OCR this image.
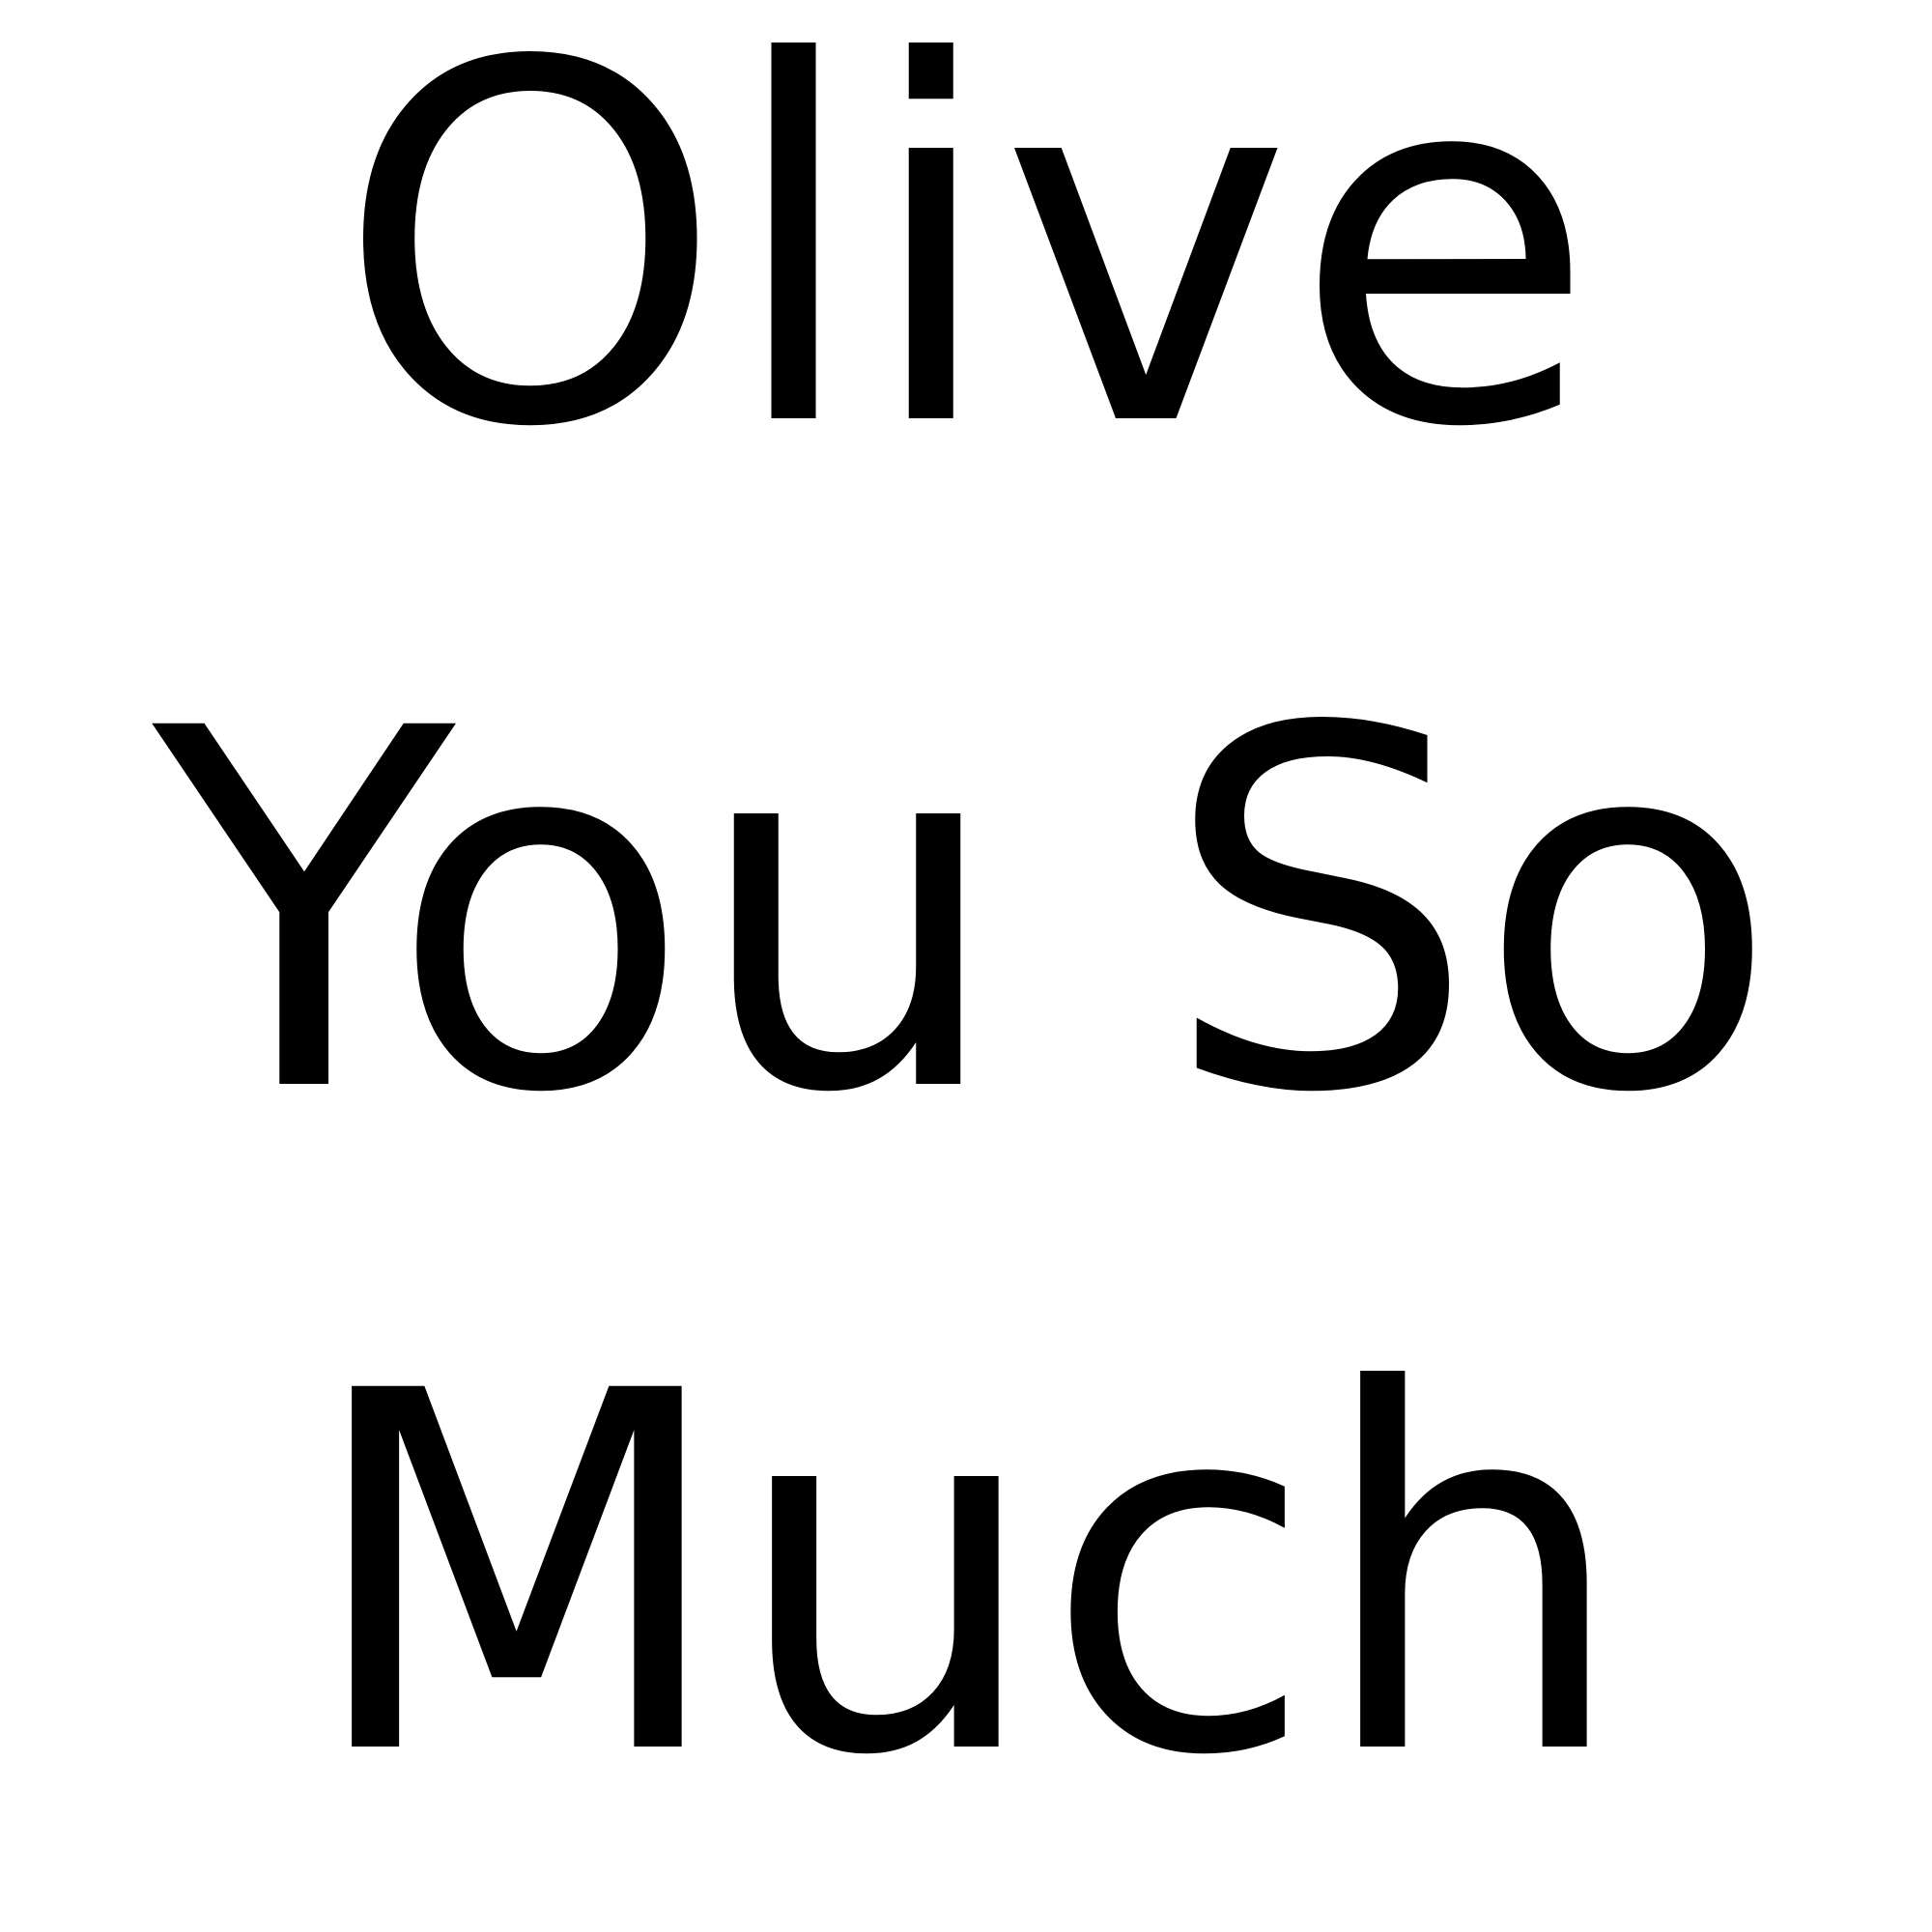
Olive
You So
Much
